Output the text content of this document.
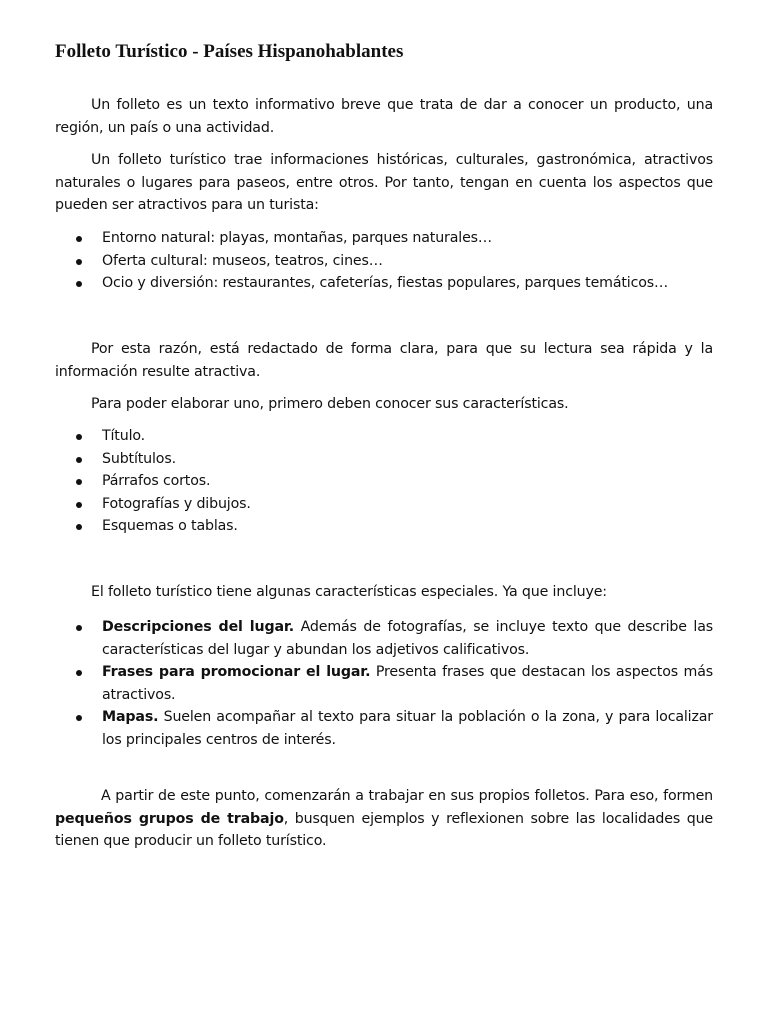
Folleto Turístico - Países Hispanohablantes

Un folleto es un texto informativo breve que trata de dar a conocer un producto, una región, un país o una actividad.

Un folleto turístico trae informaciones históricas, culturales, gastronómica, atractivos naturales o lugares para paseos, entre otros. Por tanto, tengan en cuenta los aspectos que pueden ser atractivos para un turista:

Entorno natural: playas, montañas, parques naturales…
Oferta cultural: museos, teatros, cines…
Ocio y diversión: restaurantes, cafeterías, fiestas populares, parques temáticos…

Por esta razón, está redactado de forma clara, para que su lectura sea rápida y la información resulte atractiva.

Para poder elaborar uno, primero deben conocer sus características.

Título.
Subtítulos.
Párrafos cortos.
Fotografías y dibujos.
Esquemas o tablas.

El folleto turístico tiene algunas características especiales. Ya que incluye:

Descripciones del lugar. Además de fotografías, se incluye texto que describe las características del lugar y abundan los adjetivos calificativos.
Frases para promocionar el lugar. Presenta frases que destacan los aspectos más atractivos.
Mapas. Suelen acompañar al texto para situar la población o la zona, y para localizar los principales centros de interés.

A partir de este punto, comenzarán a trabajar en sus propios folletos. Para eso, formen pequeños grupos de trabajo, busquen ejemplos y reflexionen sobre las localidades que tienen que producir un folleto turístico.
